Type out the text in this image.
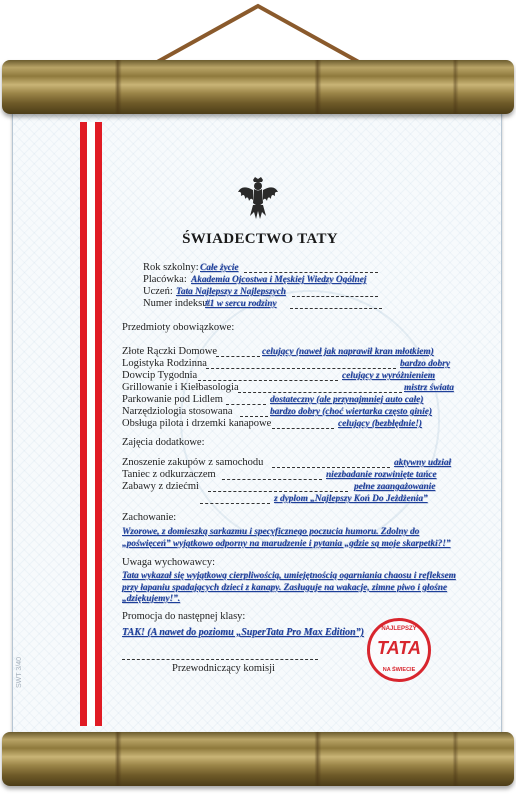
SWT 3/40
ŚWIADECTWO TATY
Rok szkolny: Całe życie
Placówka: Akademia Ojcostwa i Męskiej Wiedzy Ogólnej
Uczeń: Tata Najlepszy z Najlepszych
Numer indeksu:
#1 w sercu rodziny
Przedmioty obowiązkowe:
Złote Rączki Domowe	celujący (naweł jak naprawił kran młotkiem)
Logistyka Rodzinna	bardzo dobry
Dowcip Tygodnia	celujący z wyróżnieniem
Grillowanie i Kiełbasologia	mistrz świata
Parkowanie pod Lidlem	dostateczny (ale przynajmniej auto całe)
Narzędziologia stosowana	bardzo dobry (choć wiertarka często ginie)
Obsługa pilota i drzemki kanapowe	celujący (bezbłędnie!)
Zajęcia dodatkowe:
Znoszenie zakupów z samochodu	aktywny udział
Taniec z odkurzaczem	niezbadanie rozwinięte tańce
Zabawy z dziećmi	pełne zaangażowanie
z dyplom „Najlepszy Koń Do Jeżdżenia”
Zachowanie:
Wzorowe, z domieszką sarkazmu i specyficznego poczucia humoru. Zdolny do „poświęceń” wyjątkowo odporny na marudzenie i pytania „gdzie są moje skarpetki?!”
Uwaga wychowawcy:
Tata wykazał się wyjątkową cierpliwością, umiejętnością ogarniania chaosu i refleksem przy łapaniu spadających dzieci z kanapy. Zasługuje na wakacje, zimne piwo i głośne „dziękujemy!”.
Promocja do następnej klasy:
TAK! (A nawet do poziomu „SuperTata Pro Max Edition”)
Przewodniczący komisji
NAJLEPSZY
TATA
NA ŚWIECIE
